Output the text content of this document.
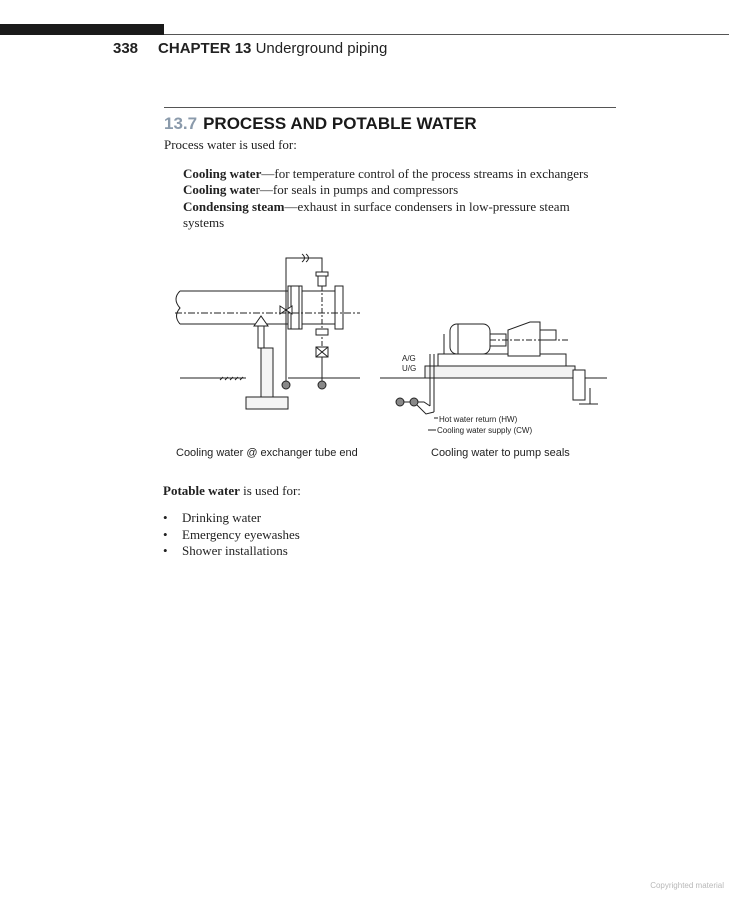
338 CHAPTER 13 Underground piping
13.7 PROCESS AND POTABLE WATER
Process water is used for:
Cooling water—for temperature control of the process streams in exchangers
Cooling water—for seals in pumps and compressors
Condensing steam—exhaust in surface condensers in low-pressure steam
systems
A/G
U/G
Hot water return (HW)
Cooling water supply (CW)
Cooling water @ exchanger tube end	Cooling water to pump seals
Potable water is used for:
• Drinking water
• Emergency eyewashes
• Shower installations
Copyrighted material
